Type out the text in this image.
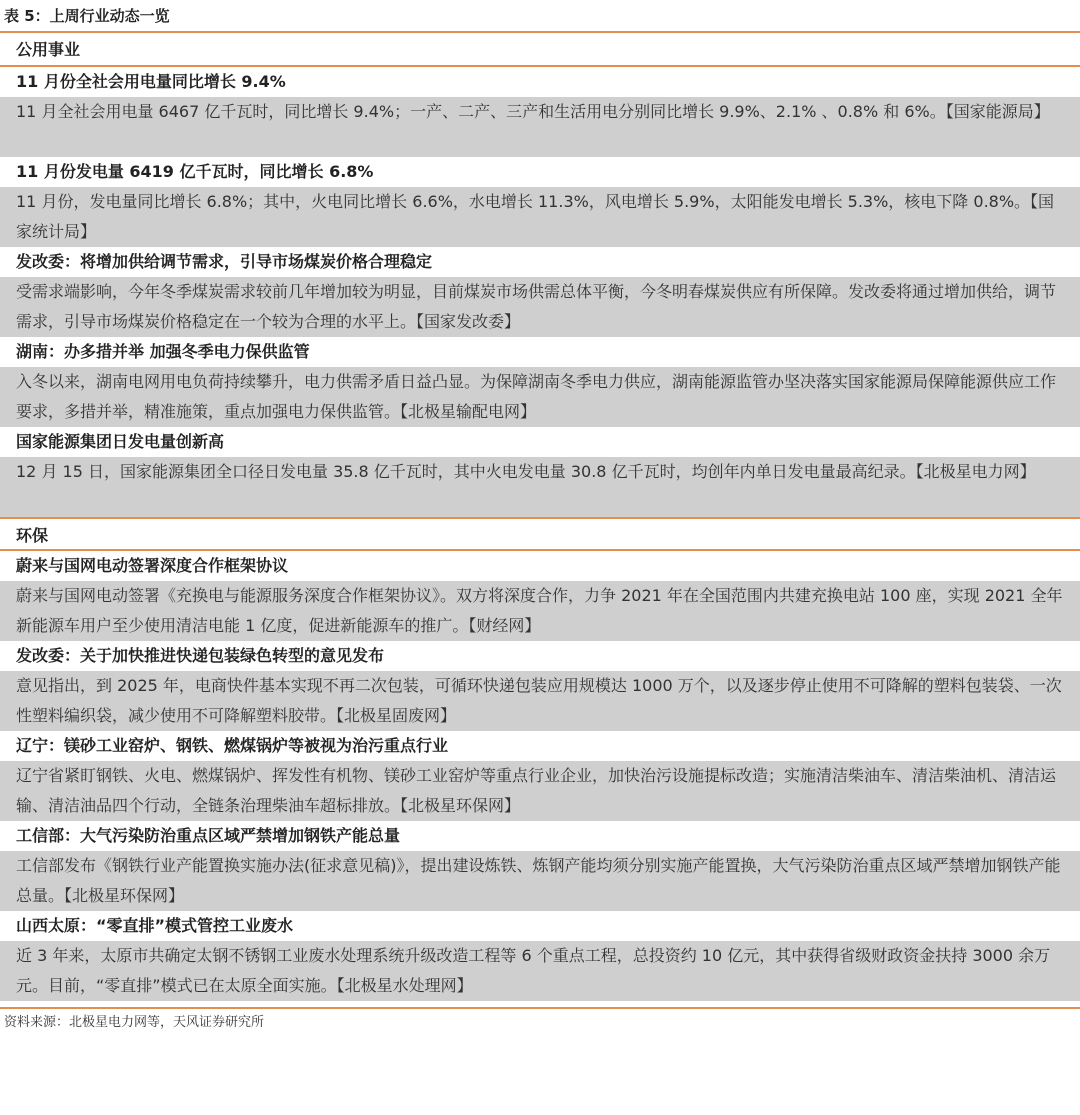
表 5：上周行业动态一览
公用事业
11 月份全社会用电量同比增长 9.4%
11 月全社会用电量 6467 亿千瓦时，同比增长 9.4%；一产、二产、三产和生活用电分别同比增长 9.9%、2.1% 、0.8% 和 6%。【国家能源局】
11 月份发电量 6419 亿千瓦时，同比增长 6.8%
11 月份，发电量同比增长 6.8%；其中，火电同比增长 6.6%，水电增长 11.3%，风电增长 5.9%，太阳能发电增长 5.3%，核电下降 0.8%。【国家统计局】
发改委：将增加供给调节需求，引导市场煤炭价格合理稳定
受需求端影响，今年冬季煤炭需求较前几年增加较为明显，目前煤炭市场供需总体平衡，今冬明春煤炭供应有所保障。发改委将通过增加供给，调节需求，引导市场煤炭价格稳定在一个较为合理的水平上。【国家发改委】
湖南：办多措并举 加强冬季电力保供监管
入冬以来，湖南电网用电负荷持续攀升，电力供需矛盾日益凸显。为保障湖南冬季电力供应，湖南能源监管办坚决落实国家能源局保障能源供应工作要求，多措并举，精准施策，重点加强电力保供监管。【北极星输配电网】
国家能源集团日发电量创新高
12 月 15 日，国家能源集团全口径日发电量 35.8 亿千瓦时，其中火电发电量 30.8 亿千瓦时，均创年内单日发电量最高纪录。【北极星电力网】
环保
蔚来与国网电动签署深度合作框架协议
蔚来与国网电动签署《充换电与能源服务深度合作框架协议》。双方将深度合作，力争 2021 年在全国范围内共建充换电站 100 座，实现 2021 全年新能源车用户至少使用清洁电能 1 亿度，促进新能源车的推广。【财经网】
发改委：关于加快推进快递包装绿色转型的意见发布
意见指出，到 2025 年，电商快件基本实现不再二次包装，可循环快递包装应用规模达 1000 万个，以及逐步停止使用不可降解的塑料包装袋、一次性塑料编织袋，减少使用不可降解塑料胶带。【北极星固废网】
辽宁：镁砂工业窑炉、钢铁、燃煤锅炉等被视为治污重点行业
辽宁省紧盯钢铁、火电、燃煤锅炉、挥发性有机物、镁砂工业窑炉等重点行业企业，加快治污设施提标改造；实施清洁柴油车、清洁柴油机、清洁运输、清洁油品四个行动，全链条治理柴油车超标排放。【北极星环保网】
工信部：大气污染防治重点区域严禁增加钢铁产能总量
工信部发布《钢铁行业产能置换实施办法(征求意见稿)》，提出建设炼铁、炼钢产能均须分别实施产能置换，大气污染防治重点区域严禁增加钢铁产能总量。【北极星环保网】
山西太原：“零直排”模式管控工业废水
近 3 年来，太原市共确定太钢不锈钢工业废水处理系统升级改造工程等 6 个重点工程，总投资约 10 亿元，其中获得省级财政资金扶持 3000 余万元。目前，“零直排”模式已在太原全面实施。【北极星水处理网】
资料来源：北极星电力网等，天风证券研究所
